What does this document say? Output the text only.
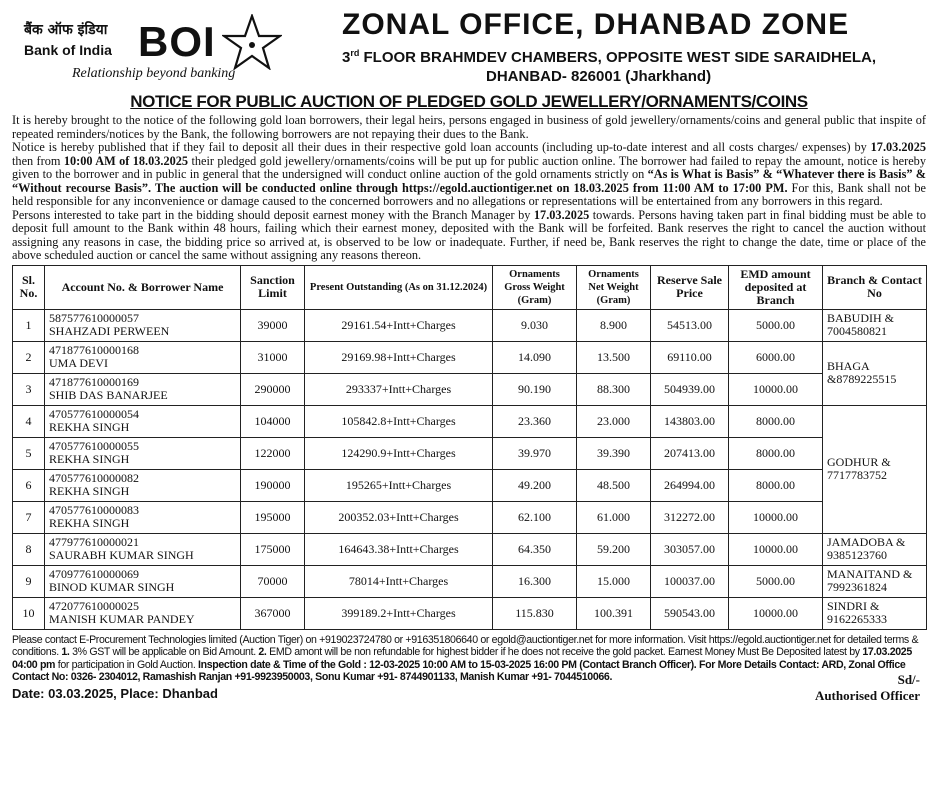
बैंक ऑफ इंडिया
Bank of India BOI
Relationship beyond banking
ZONAL OFFICE, DHANBAD ZONE
3rd FLOOR BRAHMDEV CHAMBERS, OPPOSITE WEST SIDE SARAIDHELA,
DHANBAD- 826001 (Jharkhand)
NOTICE FOR PUBLIC AUCTION OF PLEDGED GOLD JEWELLERY/ORNAMENTS/COINS

It is hereby brought to the notice of the following gold loan borrowers, their legal heirs, persons engaged in business of gold jewellery/ornaments/coins and general public that inspite of repeated reminders/notices by the Bank, the following borrowers are not repaying their dues to the Bank.

Notice is hereby published that if they fail to deposit all their dues in their respective gold loan accounts (including up-to-date interest and all costs charges/ expenses) by 17.03.2025 then from 10:00 AM of 18.03.2025 their pledged gold jewellery/ornaments/coins will be put up for public auction online. The borrower had failed to repay the amount, notice is hereby given to the borrower and in public in general that the undersigned will conduct online auction of the gold ornaments strictly on “As is What is Basis” & “Whatever there is Basis” & “Without recourse Basis”. The auction will be conducted online through https://egold.auctiontiger.net on 18.03.2025 from 11:00 AM to 17:00 PM. For this, Bank shall not be held responsible for any inconvenience or damage caused to the concerned borrowers and no allegations or representations will be entertained from any borrowers in this regard.

Persons interested to take part in the bidding should deposit earnest money with the Branch Manager by 17.03.2025 towards. Persons having taken part in final bidding must be able to deposit full amount to the Bank within 48 hours, failing which their earnest money, deposited with the Bank will be forfeited. Bank reserves the right to cancel the auction without assigning any reasons in case, the bidding price so arrived at, is observed to be low or inadequate. Further, if need be, Bank reserves the right to change the date, time or place of the above scheduled auction or cancel the same without assigning any reasons thereon.

Sl. No.	Account No. & Borrower Name	Sanction Limit	Present Outstanding (As on 31.12.2024)	Ornaments Gross Weight (Gram)	Ornaments Net Weight (Gram)	Reserve Sale Price	EMD amount deposited at Branch	Branch & Contact No
1	587577610000057
SHAHZADI PERWEEN	39000	29161.54+Intt+Charges	9.030	8.900	54513.00	5000.00	BABUDIH & 7004580821
2	471877610000168
UMA DEVI	31000	29169.98+Intt+Charges	14.090	13.500	69110.00	6000.00	BHAGA &8789225515
3	471877610000169
SHIB DAS BANARJEE	290000	293337+Intt+Charges	90.190	88.300	504939.00	10000.00	
4	470577610000054
REKHA SINGH	104000	105842.8+Intt+Charges	23.360	23.000	143803.00	8000.00	GODHUR & 7717783752
5	470577610000055
REKHA SINGH	122000	124290.9+Intt+Charges	39.970	39.390	207413.00	8000.00	
6	470577610000082
REKHA SINGH	190000	195265+Intt+Charges	49.200	48.500	264994.00	8000.00	
7	470577610000083
REKHA SINGH	195000	200352.03+Intt+Charges	62.100	61.000	312272.00	10000.00	
8	477977610000021
SAURABH KUMAR SINGH	175000	164643.38+Intt+Charges	64.350	59.200	303057.00	10000.00	JAMADOBA & 9385123760
9	470977610000069
BINOD KUMAR SINGH	70000	78014+Intt+Charges	16.300	15.000	100037.00	5000.00	MANAITAND & 7992361824
10	472077610000025
MANISH KUMAR PANDEY	367000	399189.2+Intt+Charges	115.830	100.391	590543.00	10000.00	SINDRI & 9162265333

Please contact E-Procurement Technologies limited (Auction Tiger) on +919023724780 or +916351806640 or egold@auctiontiger.net for more information. Visit https://egold.auctiontiger.net for detailed terms & conditions. 1. 3% GST will be applicable on Bid Amount. 2. EMD amont will be non refundable for highest bidder if he does not receive the gold packet. Earnest Money Must Be Deposited latest by 17.03.2025 04:00 pm for participation in Gold Auction. Inspection date & Time of the Gold : 12-03-2025 10:00 AM to 15-03-2025 16:00 PM (Contact Branch Officer). For More Details Contact: ARD, Zonal Office Contact No: 0326- 2304012, Ramashish Ranjan +91-9923950003, Sonu Kumar +91- 8744901133, Manish Kumar +91- 7044510066.

Date: 03.03.2025, Place: Dhanbad
Sd/-
Authorised Officer
